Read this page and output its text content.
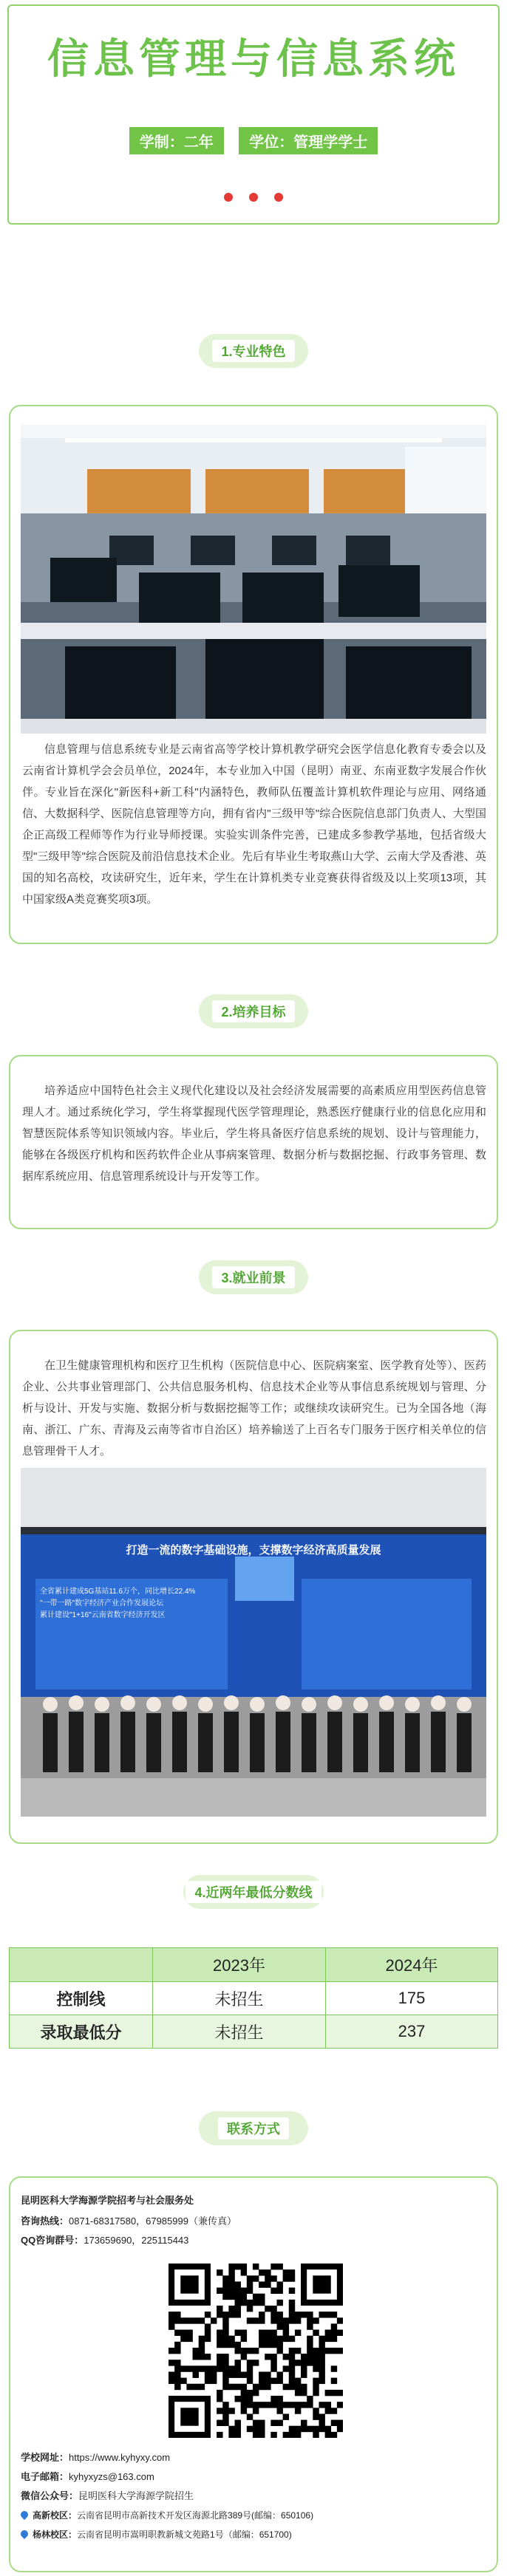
信息管理与信息系统
学制：二年 学位：管理学学士

1.专业特色

信息管理与信息系统专业是云南省高等学校计算机教学研究会医学信息化教育专委会以及云南省计算机学会会员单位，2024年，本专业加入中国（昆明）南亚、东南亚数字发展合作伙伴。专业旨在深化"新医科+新工科"内涵特色，教师队伍覆盖计算机软件理论与应用、网络通信、大数据科学、医院信息管理等方向，拥有省内"三级甲等"综合医院信息部门负责人、大型国企正高级工程师等作为行业导师授课。实验实训条件完善，已建成多参教学基地，包括省级大型"三级甲等"综合医院及前沿信息技术企业。先后有毕业生考取燕山大学、云南大学及香港、英国的知名高校，攻读研究生，近年来，学生在计算机类专业竞赛获得省级及以上奖项13项，其中国家级A类竞赛奖项3项。

2.培养目标

培养适应中国特色社会主义现代化建设以及社会经济发展需要的高素质应用型医药信息管理人才。通过系统化学习，学生将掌握现代医学管理理论，熟悉医疗健康行业的信息化应用和智慧医院体系等知识领域内容。毕业后，学生将具备医疗信息系统的规划、设计与管理能力，能够在各级医疗机构和医药软件企业从事病案管理、数据分析与数据挖掘、行政事务管理、数据库系统应用、信息管理系统设计与开发等工作。

3.就业前景

在卫生健康管理机构和医疗卫生机构（医院信息中心、医院病案室、医学教育处等）、医药企业、公共事业管理部门、公共信息服务机构、信息技术企业等从事信息系统规划与管理、分析与设计、开发与实施、数据分析与数据挖掘等工作；或继续攻读研究生。已为全国各地（海南、浙江、广东、青海及云南等省市自治区）培养输送了上百名专门服务于医疗相关单位的信息管理骨干人才。

打造一流的数字基础设施，支撑数字经济高质量发展
全省累计建成5G基站11.6万个，同比增长22.4%
"一带一路"数字经济产业合作发展论坛
累计建设"1+16"云南省数字经济开发区
4.近两年最低分数线
	2023年	2024年
控制线	未招生	175
录取最低分	未招生	237
联系方式
昆明医科大学海源学院招考与社会服务处
咨询热线：0871-68317580，67985999（兼传真）
QQ咨询群号：173659690，225115443
学校网址：https://www.kyhyxy.com
电子邮箱：kyhyxyzs@163.com
微信公众号：昆明医科大学海源学院招生
高新校区：云南省昆明市高新技术开发区海源北路389号(邮编：650106)
杨林校区：云南省昆明市嵩明职教新城文苑路1号（邮编：651700)
